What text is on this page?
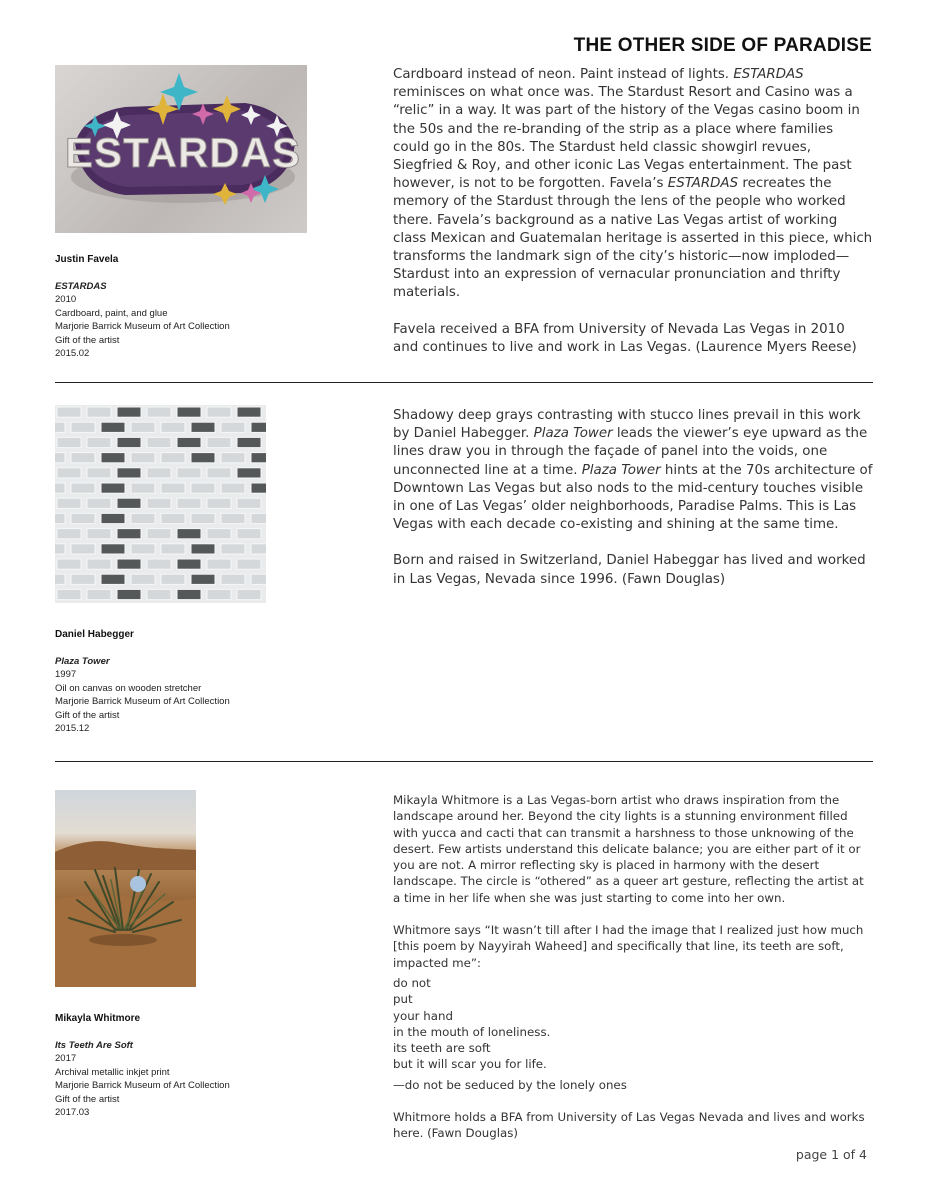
THE OTHER SIDE OF PARADISE
ESTARDAS
Justin Favela
ESTARDAS
2010
Cardboard, paint, and glue
Marjorie Barrick Museum of Art Collection
Gift of the artist
2015.02

Cardboard instead of neon. Paint instead of lights. ESTARDAS reminisces on what once was. The Stardust Resort and Casino was a “relic” in a way. It was part of the history of the Vegas casino boom in the 50s and the re-branding of the strip as a place where families could go in the 80s. The Stardust held classic showgirl revues, Siegfried & Roy, and other iconic Las Vegas entertainment. The past however, is not to be forgotten. Favela’s ESTARDAS recreates the memory of the Stardust through the lens of the people who worked there. Favela’s background as a native Las Vegas artist of working class Mexican and Guatemalan heritage is asserted in this piece, which transforms the landmark sign of the city’s historic—now imploded—Stardust into an expression of vernacular pronunciation and thrifty materials.

Favela received a BFA from University of Nevada Las Vegas in 2010 and continues to live and work in Las Vegas. (Laurence Myers Reese)

Daniel Habegger
Plaza Tower
1997
Oil on canvas on wooden stretcher
Marjorie Barrick Museum of Art Collection
Gift of the artist
2015.12

Shadowy deep grays contrasting with stucco lines prevail in this work by Daniel Habegger. Plaza Tower leads the viewer’s eye upward as the lines draw you in through the façade of panel into the voids, one unconnected line at a time. Plaza Tower hints at the 70s architecture of Downtown Las Vegas but also nods to the mid-century touches visible in one of Las Vegas’ older neighborhoods, Paradise Palms. This is Las Vegas with each decade co-existing and shining at the same time.

Born and raised in Switzerland, Daniel Habeggar has lived and worked in Las Vegas, Nevada since 1996. (Fawn Douglas)

Mikayla Whitmore
Its Teeth Are Soft
2017
Archival metallic inkjet print
Marjorie Barrick Museum of Art Collection
Gift of the artist
2017.03

Mikayla Whitmore is a Las Vegas-born artist who draws inspiration from the landscape around her. Beyond the city lights is a stunning environment filled with yucca and cacti that can transmit a harshness to those unknowing of the desert. Few artists understand this delicate balance; you are either part of it or you are not. A mirror reflecting sky is placed in harmony with the desert landscape. The circle is “othered” as a queer art gesture, reflecting the artist at a time in her life when she was just starting to come into her own.

Whitmore says “It wasn’t till after I had the image that I realized just how much [this poem by Nayyirah Waheed] and specifically that line, its teeth are soft, impacted me”:

do not
put
your hand
in the mouth of loneliness.
its teeth are soft
but it will scar you for life.

—do not be seduced by the lonely ones

Whitmore holds a BFA from University of Las Vegas Nevada and lives and works here. (Fawn Douglas)

page 1 of 4
